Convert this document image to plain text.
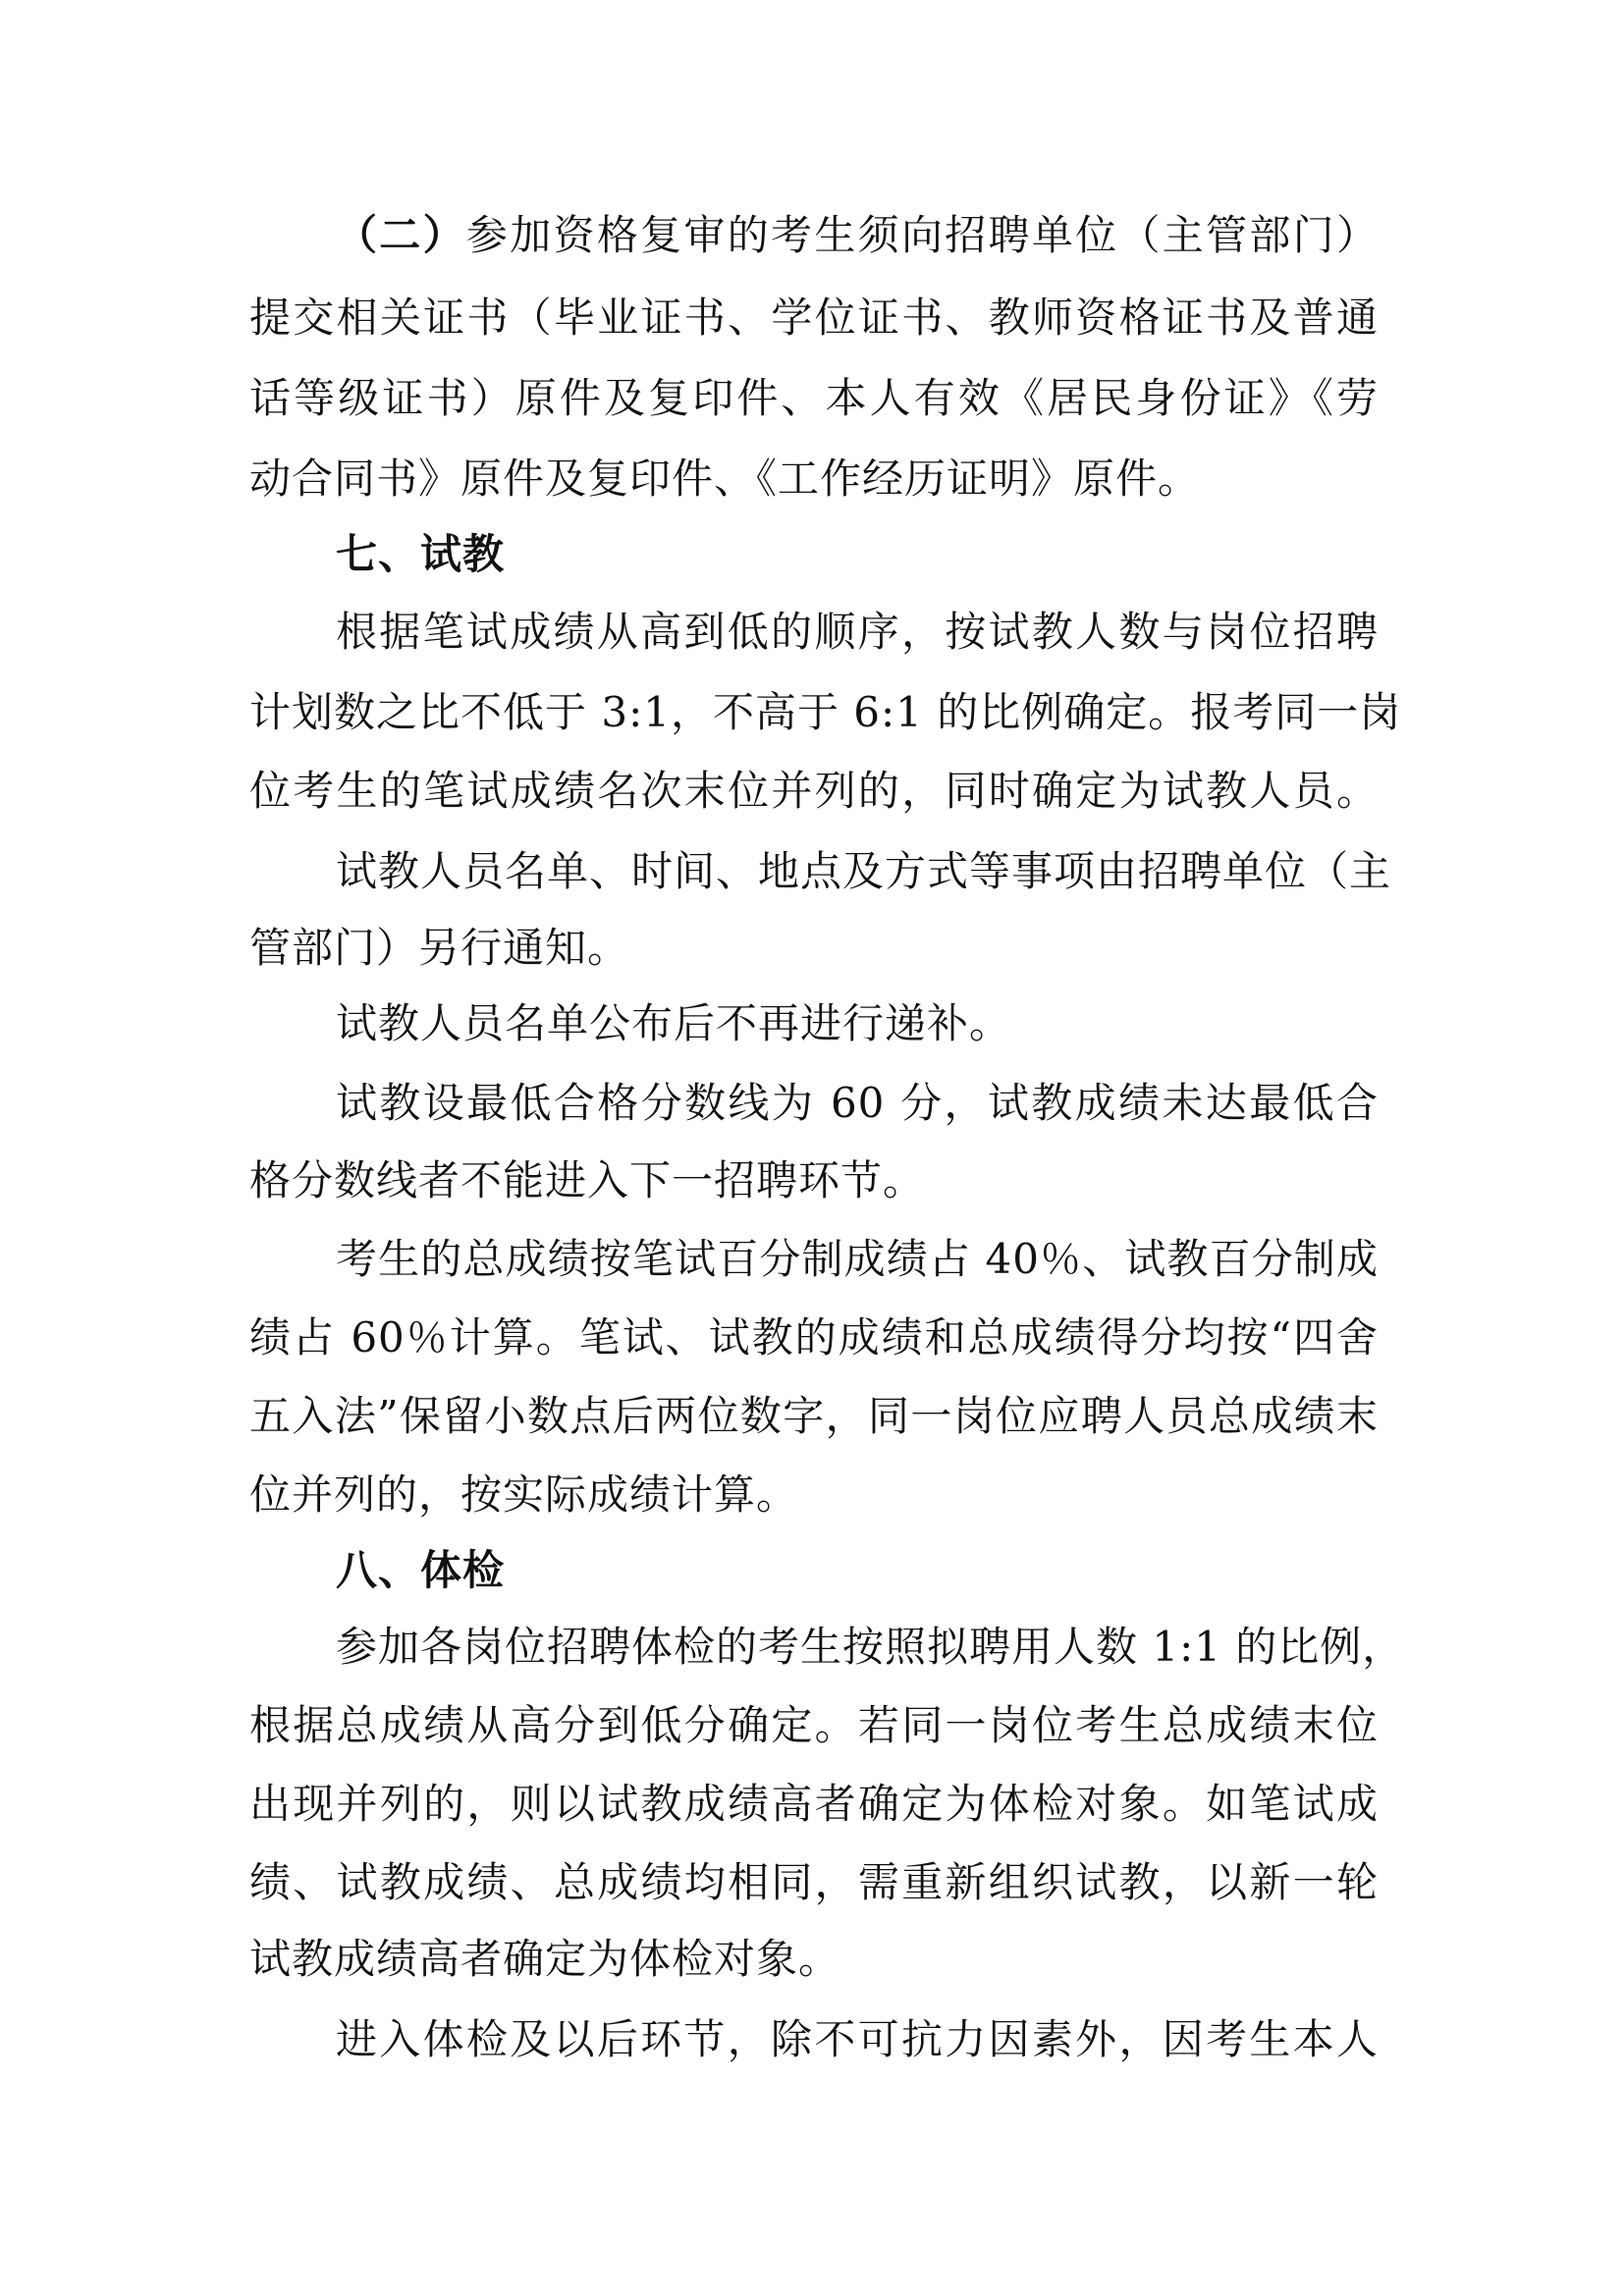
（二）参加资格复审的考生须向招聘单位（主管部门）
提交相关证书（毕业证书、学位证书、教师资格证书及普通
话等级证书）原件及复印件、本人有效《居民身份证》《劳
动合同书》原件及复印件、《工作经历证明》原件。
七、试教
根据笔试成绩从高到低的顺序，按试教人数与岗位招聘
计划数之比不低于 3:1，不高于 6:1 的比例确定。报考同一岗
位考生的笔试成绩名次末位并列的，同时确定为试教人员。
试教人员名单、时间、地点及方式等事项由招聘单位（主
管部门）另行通知。
试教人员名单公布后不再进行递补。
试教设最低合格分数线为 60 分，试教成绩未达最低合
格分数线者不能进入下一招聘环节。
考生的总成绩按笔试百分制成绩占 40％、试教百分制成
绩占 60％计算。笔试、试教的成绩和总成绩得分均按“四舍
五入法”保留小数点后两位数字，同一岗位应聘人员总成绩末
位并列的，按实际成绩计算。
八、体检
参加各岗位招聘体检的考生按照拟聘用人数 1:1 的比例，
根据总成绩从高分到低分确定。若同一岗位考生总成绩末位
出现并列的，则以试教成绩高者确定为体检对象。如笔试成
绩、试教成绩、总成绩均相同，需重新组织试教，以新一轮
试教成绩高者确定为体检对象。
进入体检及以后环节，除不可抗力因素外，因考生本人
